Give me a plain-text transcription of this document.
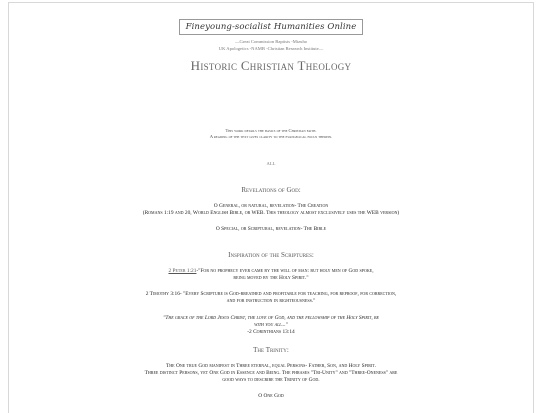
Fineyoung-socialist Humanities Online
—Great Commission Baptists -Mizuho
UK Apologetics -NAMB -Christian Research Institute—
Historic Christian Theology
This work details the basics of the Christian faith.
A reading of the text gives clarity to the evangelical focus therein.
ALL
Revelations of God:
O General, or natural, revelation- The Creation
(Romans 1:19 and 20, World English Bible, or WEB. This theology almost exclusively uses the WEB version)
O Special, or Scriptural, revelation- The Bible
Inspiration of the Scriptures:
2 Peter 1:21-"For no prophecy ever came by the will of man: but holy men of God spoke,
being moved by the Holy Spirit."
2 Timothy 3:16- "Every Scripture is God-breathed and profitable for teaching, for reproof, for correction,
and for instruction in righteousness."
"The grace of the Lord Jesus Christ, the love of God, and the fellowship of the Holy Spirit, be
with you all..."
-2 Corinthians 13:14
The Trinity:
The One true God manifest in Three eternal, equal Persons- Father, Son, and Holy Spirit.
Three distinct Persons, yet One God in Essence and Being. The phrases "Tri-Unity" and "Three-Oneness" are
good ways to describe the Trinity of God.
O One God
